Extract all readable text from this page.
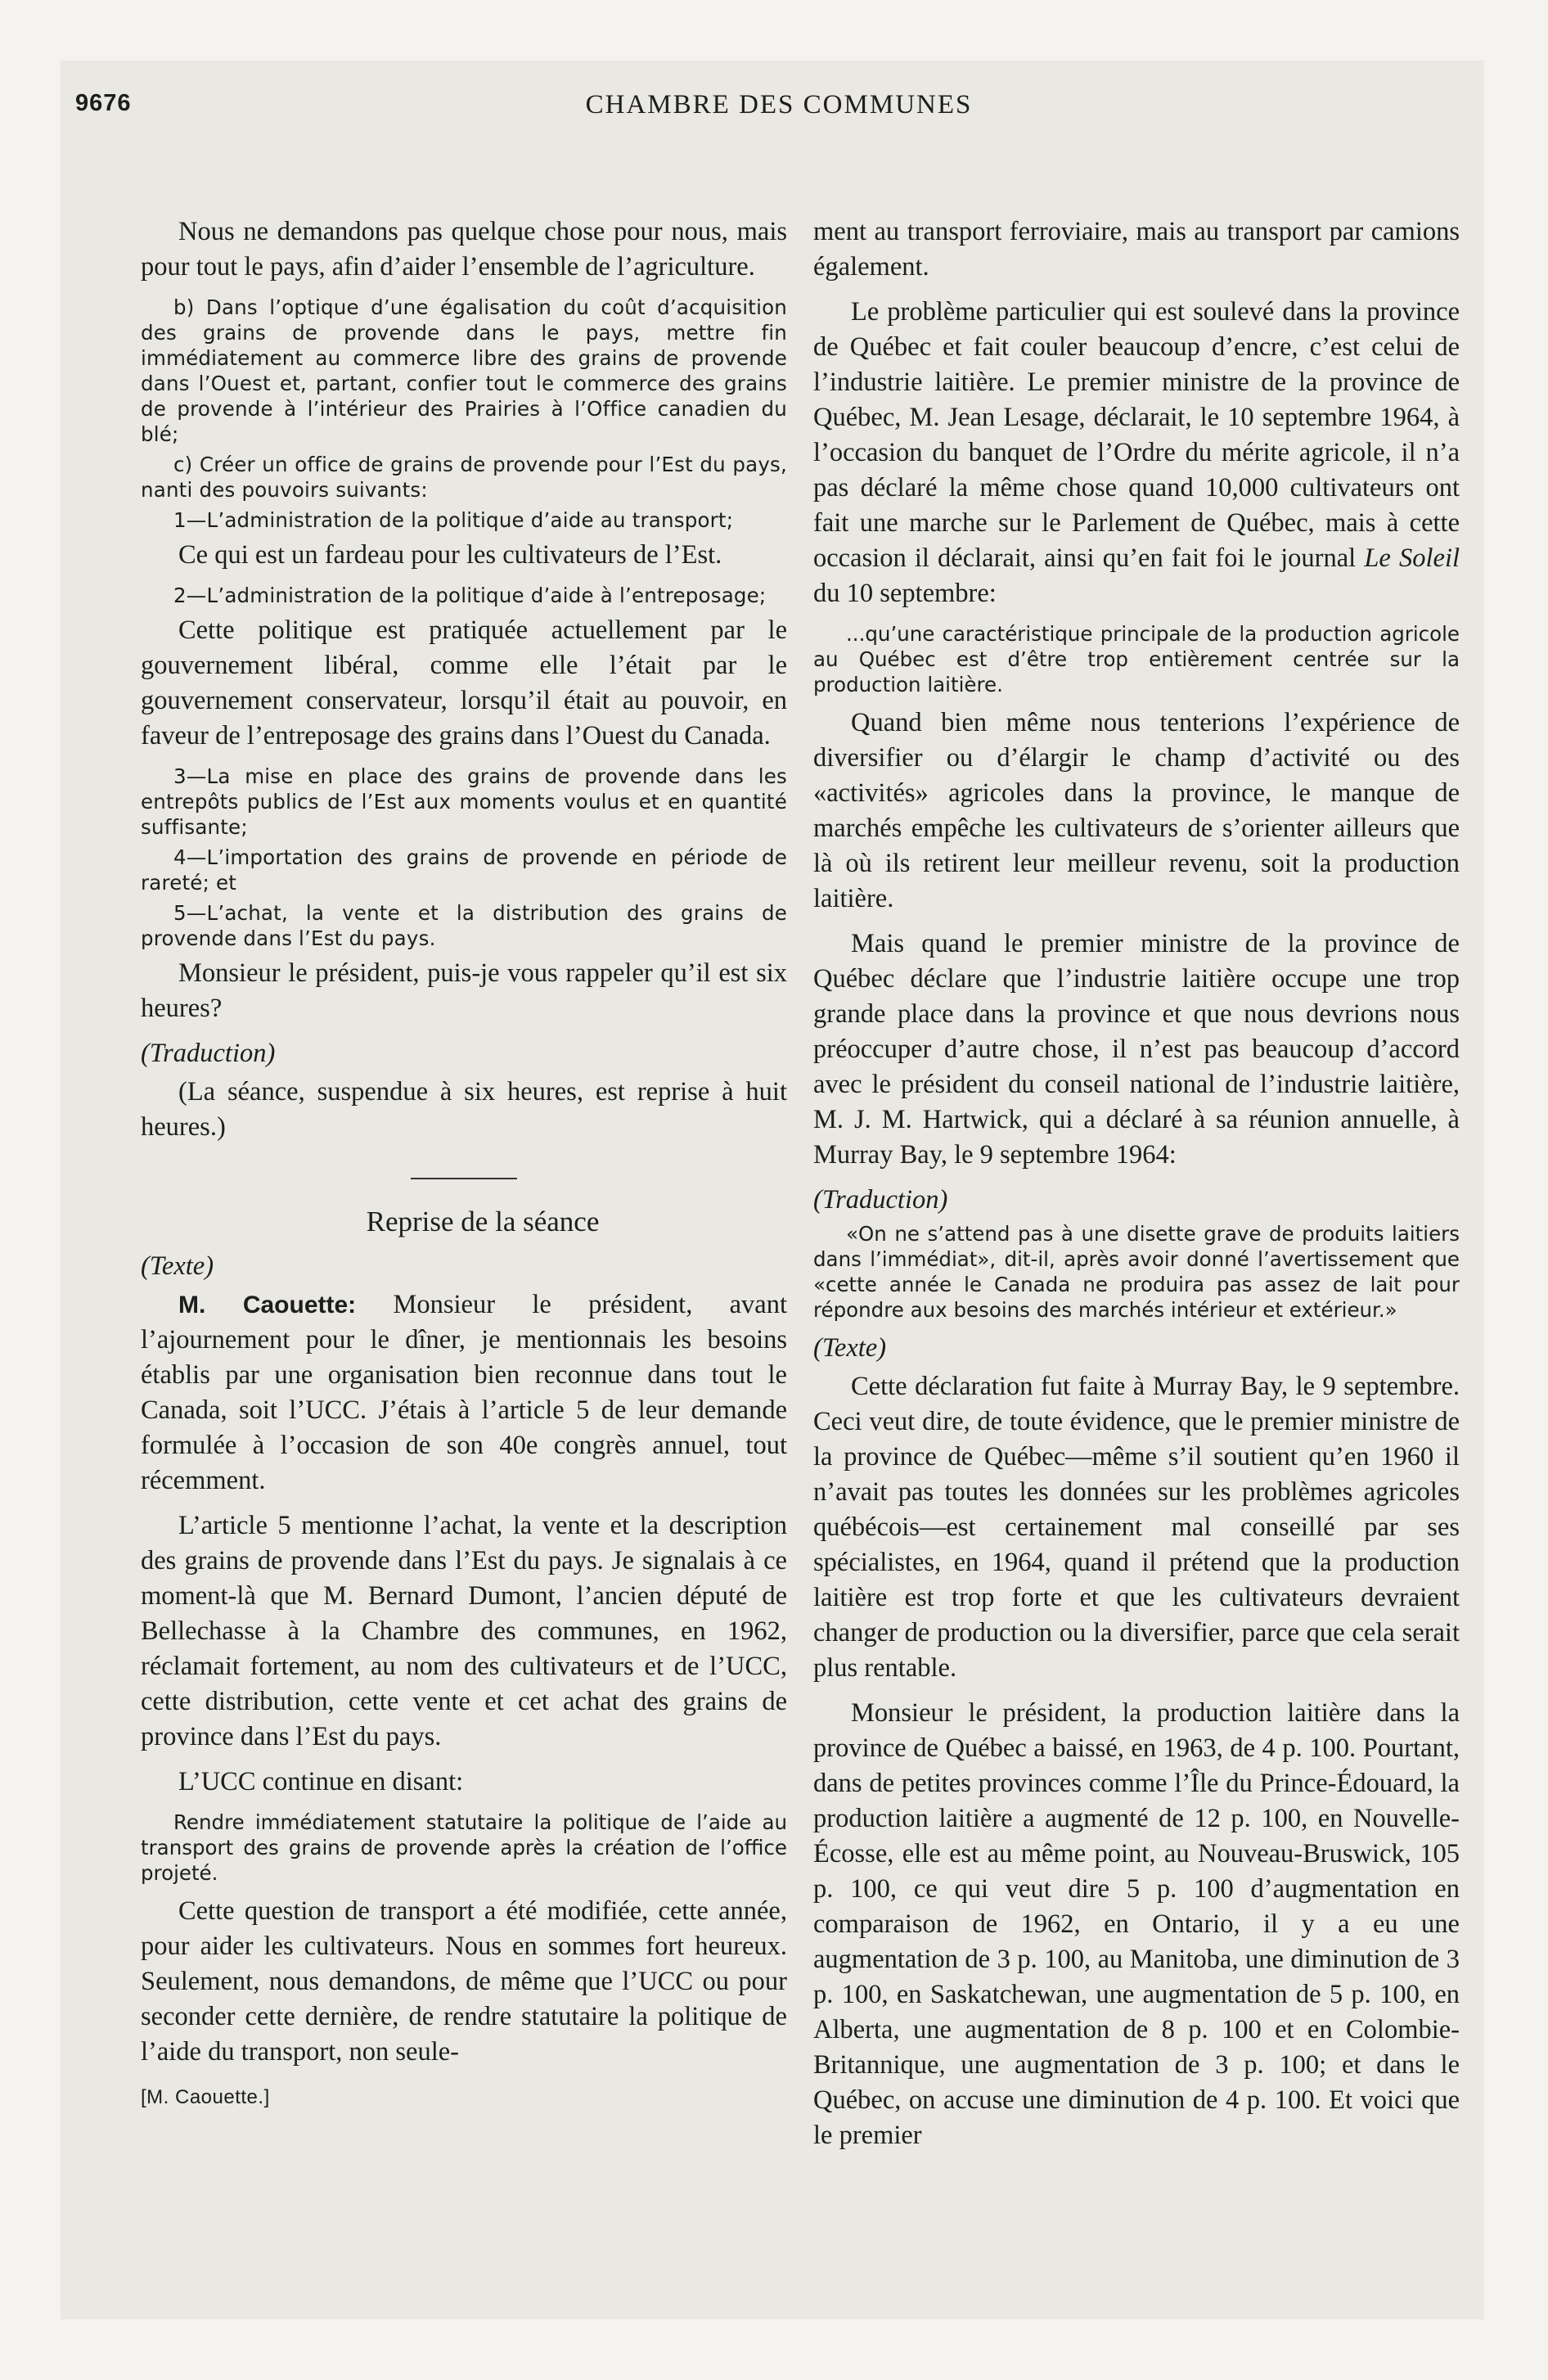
9676	CHAMBRE DES COMMUNES

Nous ne demandons pas quelque chose pour nous, mais pour tout le pays, afin d’aider l’ensemble de l’agriculture.

b) Dans l’optique d’une égalisation du coût d’acquisition des grains de provende dans le pays, mettre fin immédiatement au commerce libre des grains de provende dans l’Ouest et, partant, confier tout le commerce des grains de provende à l’intérieur des Prairies à l’Office canadien du blé;

c) Créer un office de grains de provende pour l’Est du pays, nanti des pouvoirs suivants:

1—L’administration de la politique d’aide au transport;

Ce qui est un fardeau pour les cultivateurs de l’Est.

2—L’administration de la politique d’aide à l’entreposage;

Cette politique est pratiquée actuellement par le gouvernement libéral, comme elle l’était par le gouvernement conservateur, lorsqu’il était au pouvoir, en faveur de l’entreposage des grains dans l’Ouest du Canada.

3—La mise en place des grains de provende dans les entrepôts publics de l’Est aux moments voulus et en quantité suffisante;

4—L’importation des grains de provende en période de rareté; et

5—L’achat, la vente et la distribution des grains de provende dans l’Est du pays.

Monsieur le président, puis-je vous rappeler qu’il est six heures?

(Traduction)

(La séance, suspendue à six heures, est reprise à huit heures.)

Reprise de la séance

(Texte)

M. Caouette: Monsieur le président, avant l’ajournement pour le dîner, je mentionnais les besoins établis par une organisation bien reconnue dans tout le Canada, soit l’UCC. J’étais à l’article 5 de leur demande formulée à l’occasion de son 40e congrès annuel, tout récemment.

L’article 5 mentionne l’achat, la vente et la description des grains de provende dans l’Est du pays. Je signalais à ce moment-là que M. Bernard Dumont, l’ancien député de Bellechasse à la Chambre des communes, en 1962, réclamait fortement, au nom des cultivateurs et de l’UCC, cette distribution, cette vente et cet achat des grains de province dans l’Est du pays.

L’UCC continue en disant:

Rendre immédiatement statutaire la politique de l’aide au transport des grains de provende après la création de l’office projeté.

Cette question de transport a été modifiée, cette année, pour aider les cultivateurs. Nous en sommes fort heureux. Seulement, nous demandons, de même que l’UCC ou pour seconder cette dernière, de rendre statutaire la politique de l’aide du transport, non seule-

[M. Caouette.]

ment au transport ferroviaire, mais au transport par camions également.

Le problème particulier qui est soulevé dans la province de Québec et fait couler beaucoup d’encre, c’est celui de l’industrie laitière. Le premier ministre de la province de Québec, M. Jean Lesage, déclarait, le 10 septembre 1964, à l’occasion du banquet de l’Ordre du mérite agricole, il n’a pas déclaré la même chose quand 10,000 cultivateurs ont fait une marche sur le Parlement de Québec, mais à cette occasion il déclarait, ainsi qu’en fait foi le journal Le Soleil du 10 septembre:

...qu’une caractéristique principale de la production agricole au Québec est d’être trop entièrement centrée sur la production laitière.

Quand bien même nous tenterions l’expérience de diversifier ou d’élargir le champ d’activité ou des «activités» agricoles dans la province, le manque de marchés empêche les cultivateurs de s’orienter ailleurs que là où ils retirent leur meilleur revenu, soit la production laitière.

Mais quand le premier ministre de la province de Québec déclare que l’industrie laitière occupe une trop grande place dans la province et que nous devrions nous préoccuper d’autre chose, il n’est pas beaucoup d’accord avec le président du conseil national de l’industrie laitière, M. J. M. Hartwick, qui a déclaré à sa réunion annuelle, à Murray Bay, le 9 septembre 1964:

(Traduction)

«On ne s’attend pas à une disette grave de produits laitiers dans l’immédiat», dit-il, après avoir donné l’avertissement que «cette année le Canada ne produira pas assez de lait pour répondre aux besoins des marchés intérieur et extérieur.»

(Texte)

Cette déclaration fut faite à Murray Bay, le 9 septembre. Ceci veut dire, de toute évidence, que le premier ministre de la province de Québec—même s’il soutient qu’en 1960 il n’avait pas toutes les données sur les problèmes agricoles québécois—est certainement mal conseillé par ses spécialistes, en 1964, quand il prétend que la production laitière est trop forte et que les cultivateurs devraient changer de production ou la diversifier, parce que cela serait plus rentable.

Monsieur le président, la production laitière dans la province de Québec a baissé, en 1963, de 4 p. 100. Pourtant, dans de petites provinces comme l’Île du Prince-Édouard, la production laitière a augmenté de 12 p. 100, en Nouvelle-Écosse, elle est au même point, au Nouveau-Bruswick, 105 p. 100, ce qui veut dire 5 p. 100 d’augmentation en comparaison de 1962, en Ontario, il y a eu une augmentation de 3 p. 100, au Manitoba, une diminution de 3 p. 100, en Saskatchewan, une augmentation de 5 p. 100, en Alberta, une augmentation de 8 p. 100 et en Colombie-Britannique, une augmentation de 3 p. 100; et dans le Québec, on accuse une diminution de 4 p. 100. Et voici que le premier
